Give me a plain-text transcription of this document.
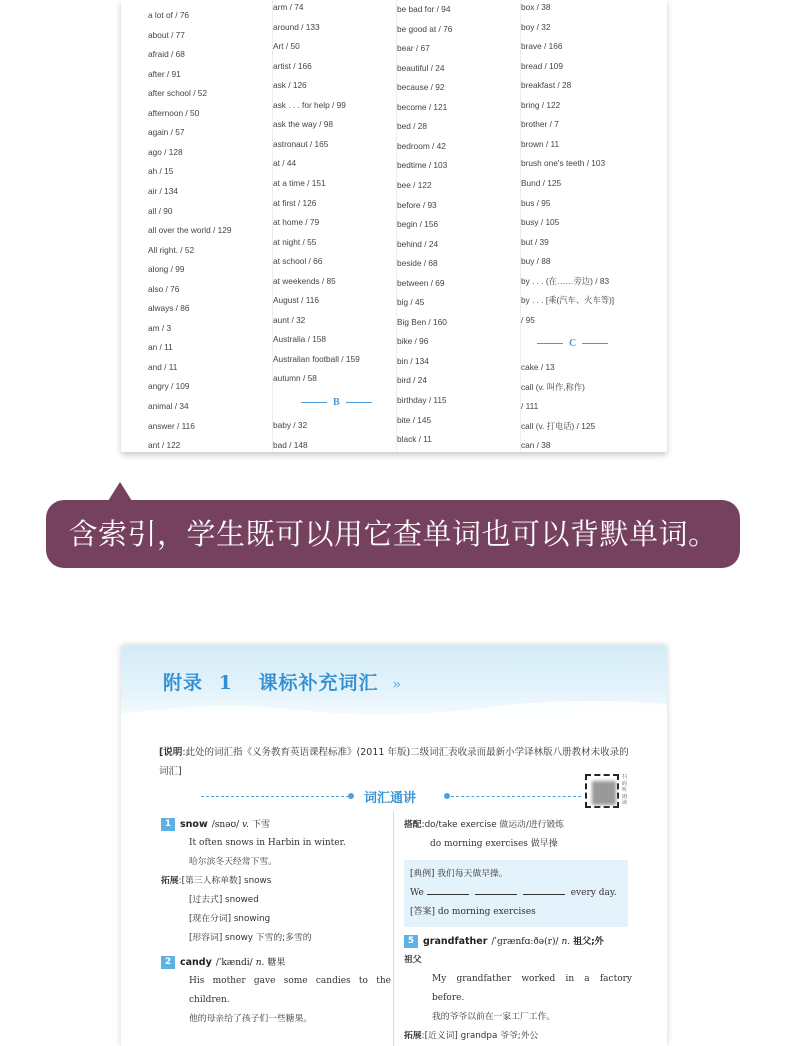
a lot of / 76
about / 77
afraid / 68
after / 91
after school / 52
afternoon / 50
again / 57
ago / 128
ah / 15
air / 134
all / 90
all over the world / 129
All right. / 52
along / 99
also / 76
always / 86
am / 3
an / 11
and / 11
angry / 109
animal / 34
answer / 116
ant / 122
arm / 74
around / 133
Art / 50
artist / 166
ask / 126
ask . . . for help / 99
ask the way / 98
astronaut / 165
at / 44
at a time / 151
at first / 126
at home / 79
at night / 55
at school / 66
at weekends / 85
August / 116
aunt / 32
Australia / 158
Australian football / 159
autumn / 58
B
baby / 32
bad / 148
be bad for / 94
be good at / 76
bear / 67
beautiful / 24
because / 92
become / 121
bed / 28
bedroom / 42
bedtime / 103
bee / 122
before / 93
begin / 156
behind / 24
beside / 68
between / 69
big / 45
Big Ben / 160
bike / 96
bin / 134
bird / 24
birthday / 115
bite / 145
black / 11
box / 38
boy / 32
brave / 166
bread / 109
breakfast / 28
bring / 122
brother / 7
brown / 11
brush one's teeth / 103
Bund / 125
bus / 95
busy / 105
but / 39
buy / 88
by . . . (在……旁边) / 83
by . . . [乘(汽车、火车等)]
/ 95
C
cake / 13
call (v. 叫作,称作)
/ 111
call (v. 打电话) / 125
can / 38
含索引，学生既可以用它查单词也可以背默单词。
附录 1 课标补充词汇 »
[说明:此处的词汇指《义务教育英语课程标准》(2011 年版)二级词汇表收录而最新小学译林版八册教材未收录的词汇]
词汇通讲
扫码听朗读
1 snow /snəʊ/ v. 下雪
It often snows in Harbin in winter.
哈尔滨冬天经常下雪。
拓展:[第三人称单数] snows
[过去式] snowed
[现在分词] snowing
[形容词] snowy 下雪的;多雪的
2 candy /ˈkændi/ n. 糖果
His mother gave some candies to the
children.
他的母亲给了孩子们一些糖果。
搭配:do/take exercise 做运动/进行锻炼
do morning exercises 做早操
[典例] 我们每天做早操。
We	every day.
[答案] do morning exercises
5 grandfather /ˈɡrænfɑːðə(r)/ n. 祖父;外
祖父
My grandfather worked in a factory
before.
我的爷爷以前在一家工厂工作。
拓展:[近义词] grandpa 爷爷;外公
